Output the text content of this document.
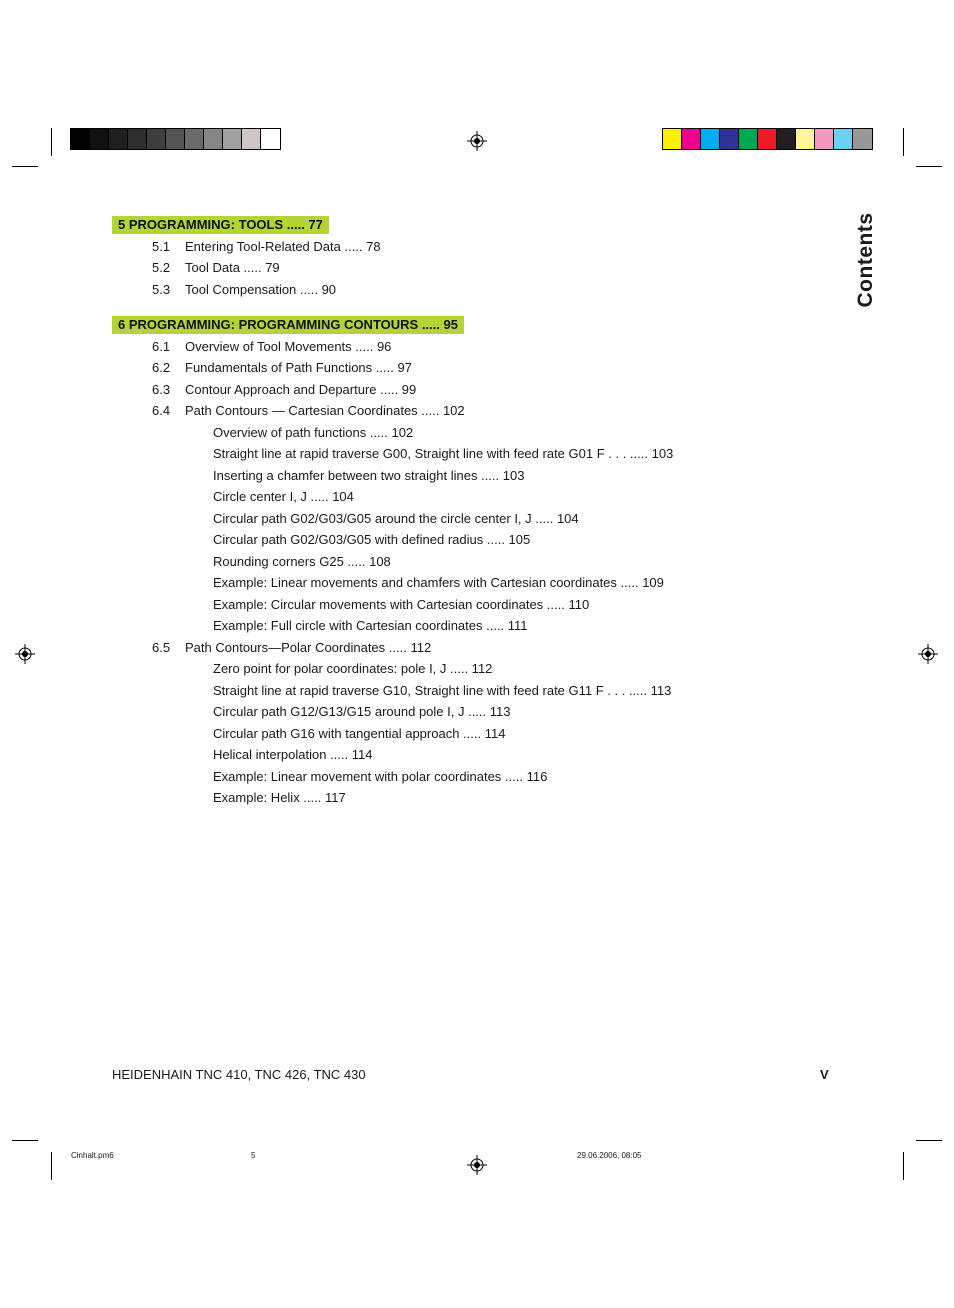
Contents
5 PROGRAMMING: TOOLS ..... 77
5.1 Entering Tool-Related Data ..... 78
5.2 Tool Data ..... 79
5.3 Tool Compensation ..... 90
6 PROGRAMMING: PROGRAMMING CONTOURS ..... 95
6.1 Overview of Tool Movements ..... 96
6.2 Fundamentals of Path Functions ..... 97
6.3 Contour Approach and Departure ..... 99
6.4 Path Contours — Cartesian Coordinates ..... 102
Overview of path functions ..... 102
Straight line at rapid traverse G00, Straight line with feed rate G01 F . . . ..... 103
Inserting a chamfer between two straight lines ..... 103
Circle center I, J ..... 104
Circular path G02/G03/G05 around the circle center I, J ..... 104
Circular path G02/G03/G05 with defined radius ..... 105
Rounding corners G25 ..... 108
Example: Linear movements and chamfers with Cartesian coordinates ..... 109
Example: Circular movements with Cartesian coordinates ..... 110
Example: Full circle with Cartesian coordinates ..... 111
6.5 Path Contours—Polar Coordinates ..... 112
Zero point for polar coordinates: pole I, J ..... 112
Straight line at rapid traverse G10, Straight line with feed rate G11 F . . . ..... 113
Circular path G12/G13/G15 around pole I, J ..... 113
Circular path G16 with tangential approach ..... 114
Helical interpolation ..... 114
Example: Linear movement with polar coordinates ..... 116
Example: Helix ..... 117
HEIDENHAIN TNC 410, TNC 426, TNC 430	V
Cinhalt.pm6	5	29.06.2006, 08:05
